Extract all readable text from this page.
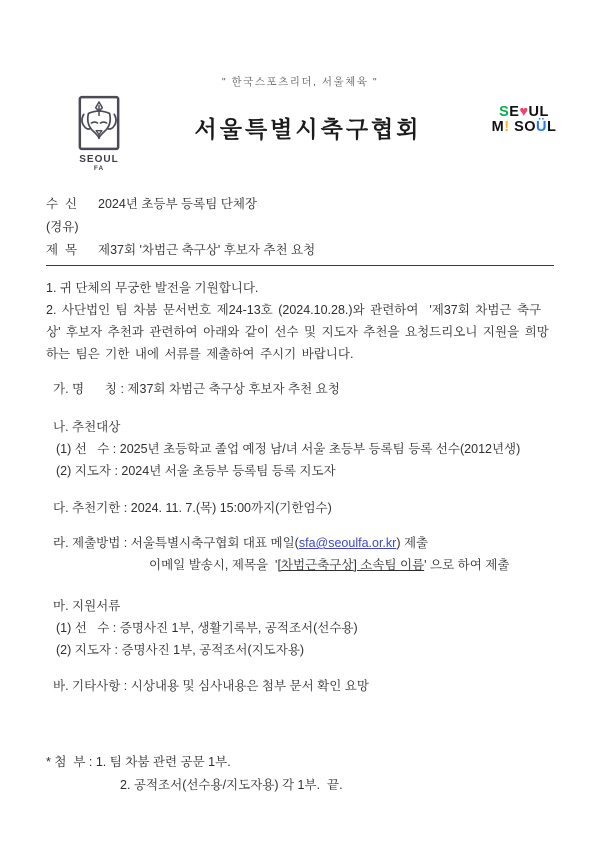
" 한국스포츠리더, 서울체육 "
SEOUL
FA
서울특별시축구협회
SE♥UL
M! SOÜL
수  신	2024년 초등부 등록팀 단체장
(경유)
제  목	제37회 '차범근 축구상' 후보자 추천 요청
1. 귀 단체의 무궁한 발전을 기원합니다.
2. 사단법인 팀 차붐 문서번호 제24-13호 (2024.10.28.)와 관련하여  '제37회 차범근 축구상' 후보자 추천과 관련하여 아래와 같이 선수 및 지도자 추천을 요청드리오니 지원을 희망하는 팀은 기한 내에 서류를 제출하여 주시기 바랍니다.
가. 명      칭 : 제37회 차범근 축구상 후보자 추천 요청
나. 추천대상
(1) 선   수 : 2025년 초등학교 졸업 예정 남/녀 서울 초등부 등록팀 등록 선수(2012년생)
(2) 지도자 : 2024년 서울 초등부 등록팀 등록 지도자
다. 추천기한 : 2024. 11. 7.(목) 15:00까지(기한엄수)
라. 제출방법 : 서울특별시축구협회 대표 메일(sfa@seoulfa.or.kr) 제출
이메일 발송시, 제목을  '[차범근축구상] 소속팀 이름' 으로 하여 제출
마. 지원서류
(1) 선   수 : 증명사진 1부, 생활기록부, 공적조서(선수용)
(2) 지도자 : 증명사진 1부, 공적조서(지도자용)
바. 기타사항 : 시상내용 및 심사내용은 첨부 문서 확인 요망
* 첨  부 : 1. 팀 차붐 관련 공문 1부.
2. 공적조서(선수용/지도자용) 각 1부.  끝.
